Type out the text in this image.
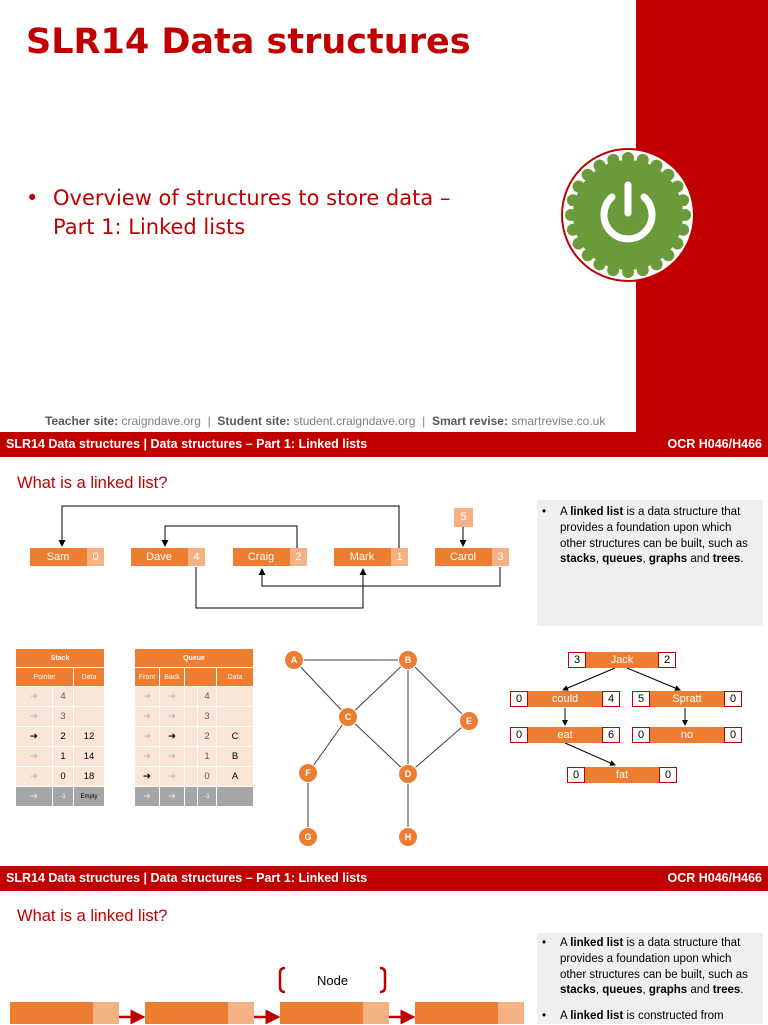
SLR14 Data structures
• Overview of structures to store data –
Part 1: Linked lists
Teacher site: craigndave.org | Student site: student.craigndave.org | Smart revise: smartrevise.co.uk
SLR14 Data structures | Data structures – Part 1: Linked lists	OCR H046/H466
What is a linked list?
Sam	0	Dave	4	Craig	2	Mark	1	Carol	3
5	• A linked list is a data structure that provides a foundation upon which other structures can be built, such as stacks, queues, graphs and trees.

Stack		
Pointer		Data
➔	4	
➔	3	
➔	2	12
➔	1	14
➔	0	18
➔	-1	Empty
Queue				
Front	Back			Data
➔	➔		4	
➔	➔		3	
➔	➔		2	C
➔	➔		1	B
➔	➔		0	A
➔	➔		-1	
A	B
C
D
E
F
G	H
3	Jack	2
0	could	4	5	Spratt	0
0	eat	6	0	no	0
0	fat	0
SLR14 Data structures | Data structures – Part 1: Linked lists	OCR H046/H466
What is a linked list?

• A linked list is a data structure that provides a foundation upon which other structures can be built, such as stacks, queues, graphs and trees.

• A linked list is constructed from

Node
